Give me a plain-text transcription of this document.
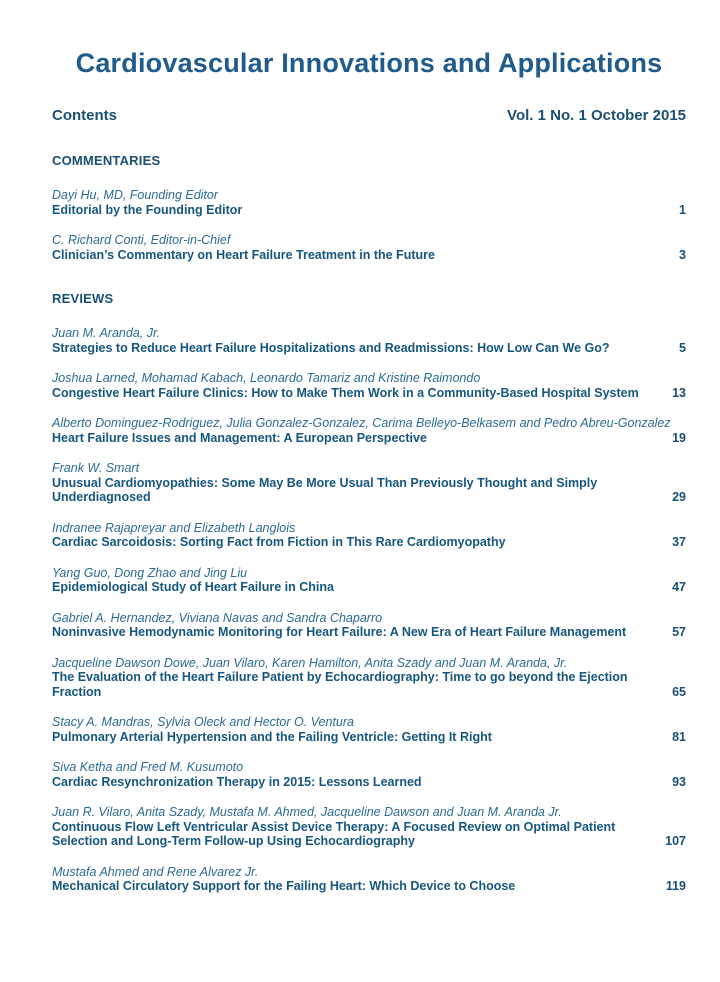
Cardiovascular Innovations and Applications
Contents	Vol. 1 No. 1 October 2015
COMMENTARIES
Dayi Hu, MD, Founding Editor
Editorial by the Founding Editor	1
C. Richard Conti, Editor-in-Chief
Clinician’s Commentary on Heart Failure Treatment in the Future	3
REVIEWS
Juan M. Aranda, Jr.
Strategies to Reduce Heart Failure Hospitalizations and Readmissions: How Low Can We Go?	5
Joshua Larned, Mohamad Kabach, Leonardo Tamariz and Kristine Raimondo
Congestive Heart Failure Clinics: How to Make Them Work in a Community-Based Hospital System	13
Alberto Dominguez-Rodriguez, Julia Gonzalez-Gonzalez, Carima Belleyo-Belkasem and Pedro Abreu-Gonzalez
Heart Failure Issues and Management: A European Perspective	19
Frank W. Smart
Unusual Cardiomyopathies: Some May Be More Usual Than Previously Thought and Simply Underdiagnosed	29
Indranee Rajapreyar and Elizabeth Langlois
Cardiac Sarcoidosis: Sorting Fact from Fiction in This Rare Cardiomyopathy	37
Yang Guo, Dong Zhao and Jing Liu
Epidemiological Study of Heart Failure in China	47
Gabriel A. Hernandez, Viviana Navas and Sandra Chaparro
Noninvasive Hemodynamic Monitoring for Heart Failure: A New Era of Heart Failure Management	57
Jacqueline Dawson Dowe, Juan Vilaro, Karen Hamilton, Anita Szady and Juan M. Aranda, Jr.
The Evaluation of the Heart Failure Patient by Echocardiography: Time to go beyond the Ejection Fraction	65
Stacy A. Mandras, Sylvia Oleck and Hector O. Ventura
Pulmonary Arterial Hypertension and the Failing Ventricle: Getting It Right	81
Siva Ketha and Fred M. Kusumoto
Cardiac Resynchronization Therapy in 2015: Lessons Learned	93
Juan R. Vilaro, Anita Szady, Mustafa M. Ahmed, Jacqueline Dawson and Juan M. Aranda Jr.
Continuous Flow Left Ventricular Assist Device Therapy: A Focused Review on Optimal Patient Selection and Long-Term Follow-up Using Echocardiography	107
Mustafa Ahmed and Rene Alvarez Jr.
Mechanical Circulatory Support for the Failing Heart: Which Device to Choose	119
